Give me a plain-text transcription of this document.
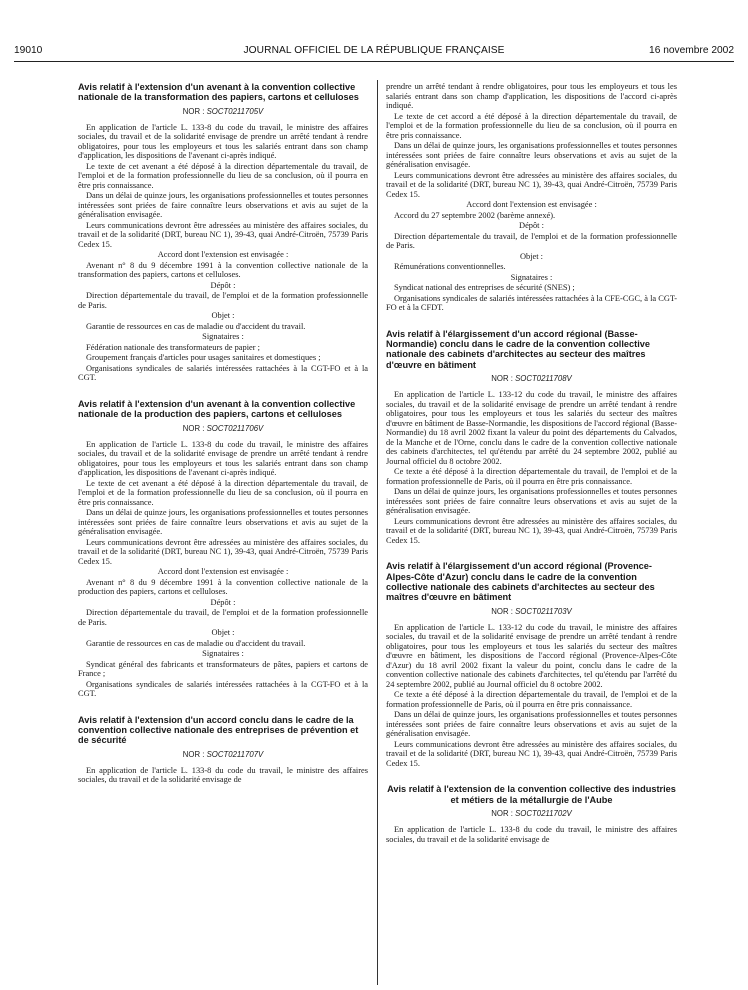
19010	JOURNAL OFFICIEL DE LA RÉPUBLIQUE FRANÇAISE	16 novembre 2002

Avis relatif à l'extension d'un avenant à la convention collective nationale de la transformation des papiers, cartons et celluloses

NOR : SOCT0211705V

En application de l'article L. 133-8 du code du travail, le ministre des affaires sociales, du travail et de la solidarité envisage de prendre un arrêté tendant à rendre obligatoires, pour tous les employeurs et tous les salariés entrant dans son champ d'application, les dispositions de l'avenant ci-après indiqué.

Le texte de cet avenant a été déposé à la direction départementale du travail, de l'emploi et de la formation professionnelle du lieu de sa conclusion, où il pourra en être pris connaissance.

Dans un délai de quinze jours, les organisations professionnelles et toutes personnes intéressées sont priées de faire connaître leurs observations et avis au sujet de la généralisation envisagée.

Leurs communications devront être adressées au ministère des affaires sociales, du travail et de la solidarité (DRT, bureau NC 1), 39-43, quai André-Citroën, 75739 Paris Cedex 15.

Accord dont l'extension est envisagée :

Avenant n° 8 du 9 décembre 1991 à la convention collective nationale de la transformation des papiers, cartons et celluloses.

Dépôt :

Direction départementale du travail, de l'emploi et de la formation professionnelle de Paris.

Objet :

Garantie de ressources en cas de maladie ou d'accident du travail.

Signataires :

Fédération nationale des transformateurs de papier ;

Groupement français d'articles pour usages sanitaires et domestiques ;

Organisations syndicales de salariés intéressées rattachées à la CGT-FO et à la CGT.

Avis relatif à l'extension d'un avenant à la convention collective nationale de la production des papiers, cartons et celluloses

NOR : SOCT0211706V

En application de l'article L. 133-8 du code du travail, le ministre des affaires sociales, du travail et de la solidarité envisage de prendre un arrêté tendant à rendre obligatoires, pour tous les employeurs et tous les salariés entrant dans son champ d'application, les dispositions de l'avenant ci-après indiqué.

Le texte de cet avenant a été déposé à la direction départementale du travail, de l'emploi et de la formation professionnelle du lieu de sa conclusion, où il pourra en être pris connaissance.

Dans un délai de quinze jours, les organisations professionnelles et toutes personnes intéressées sont priées de faire connaître leurs observations et avis au sujet de la généralisation envisagée.

Leurs communications devront être adressées au ministère des affaires sociales, du travail et de la solidarité (DRT, bureau NC 1), 39-43, quai André-Citroën, 75739 Paris Cedex 15.

Accord dont l'extension est envisagée :

Avenant n° 8 du 9 décembre 1991 à la convention collective nationale de la production des papiers, cartons et celluloses.

Dépôt :

Direction départementale du travail, de l'emploi et de la formation professionnelle de Paris.

Objet :

Garantie de ressources en cas de maladie ou d'accident du travail.

Signataires :

Syndicat général des fabricants et transformateurs de pâtes, papiers et cartons de France ;

Organisations syndicales de salariés intéressées rattachées à la CGT-FO et à la CGT.

Avis relatif à l'extension d'un accord conclu dans le cadre de la convention collective nationale des entreprises de prévention et de sécurité

NOR : SOCT0211707V

En application de l'article L. 133-8 du code du travail, le ministre des affaires sociales, du travail et de la solidarité envisage de

prendre un arrêté tendant à rendre obligatoires, pour tous les employeurs et tous les salariés entrant dans son champ d'application, les dispositions de l'accord ci-après indiqué.

Le texte de cet accord a été déposé à la direction départementale du travail, de l'emploi et de la formation professionnelle du lieu de sa conclusion, où il pourra en être pris connaissance.

Dans un délai de quinze jours, les organisations professionnelles et toutes personnes intéressées sont priées de faire connaître leurs observations et avis au sujet de la généralisation envisagée.

Leurs communications devront être adressées au ministère des affaires sociales, du travail et de la solidarité (DRT, bureau NC 1), 39-43, quai André-Citroën, 75739 Paris Cedex 15.

Accord dont l'extension est envisagée :

Accord du 27 septembre 2002 (barème annexé).

Dépôt :

Direction départementale du travail, de l'emploi et de la formation professionnelle de Paris.

Objet :

Rémunérations conventionnelles.

Signataires :

Syndicat national des entreprises de sécurité (SNES) ;

Organisations syndicales de salariés intéressées rattachées à la CFE-CGC, à la CGT-FO et à la CFDT.

Avis relatif à l'élargissement d'un accord régional (Basse-Normandie) conclu dans le cadre de la convention collective nationale des cabinets d'architectes au secteur des maîtres d'œuvre en bâtiment

NOR : SOCT0211708V

En application de l'article L. 133-12 du code du travail, le ministre des affaires sociales, du travail et de la solidarité envisage de prendre un arrêté tendant à rendre obligatoires, pour tous les employeurs et tous les salariés du secteur des maîtres d'œuvre en bâtiment de Basse-Normandie, les dispositions de l'accord régional (Basse-Normandie) du 18 avril 2002 fixant la valeur du point des départements du Calvados, de la Manche et de l'Orne, conclu dans le cadre de la convention collective nationale des cabinets d'architectes, tel qu'étendu par arrêté du 24 septembre 2002, publié au Journal officiel du 8 octobre 2002.

Ce texte a été déposé à la direction départementale du travail, de l'emploi et de la formation professionnelle de Paris, où il pourra en être pris connaissance.

Dans un délai de quinze jours, les organisations professionnelles et toutes personnes intéressées sont priées de faire connaître leurs observations et avis au sujet de la généralisation envisagée.

Leurs communications devront être adressées au ministère des affaires sociales, du travail et de la solidarité (DRT, bureau NC 1), 39-43, quai André-Citroën, 75739 Paris Cedex 15.

Avis relatif à l'élargissement d'un accord régional (Provence-Alpes-Côte d'Azur) conclu dans le cadre de la convention collective nationale des cabinets d'architectes au secteur des maîtres d'œuvre en bâtiment

NOR : SOCT0211703V

En application de l'article L. 133-12 du code du travail, le ministre des affaires sociales, du travail et de la solidarité envisage de prendre un arrêté tendant à rendre obligatoires, pour tous les employeurs et tous les salariés du secteur des maîtres d'œuvre en bâtiment, les dispositions de l'accord régional (Provence-Alpes-Côte d'Azur) du 18 avril 2002 fixant la valeur du point, conclu dans le cadre de la convention collective nationale des cabinets d'architectes, tel qu'étendu par l'arrêté du 24 septembre 2002, publié au Journal officiel du 8 octobre 2002.

Ce texte a été déposé à la direction départementale du travail, de l'emploi et de la formation professionnelle de Paris, où il pourra en être pris connaissance.

Dans un délai de quinze jours, les organisations professionnelles et toutes personnes intéressées sont priées de faire connaître leurs observations et avis au sujet de la généralisation envisagée.

Leurs communications devront être adressées au ministère des affaires sociales, du travail et de la solidarité (DRT, bureau NC 1), 39-43, quai André-Citroën, 75739 Paris Cedex 15.

Avis relatif à l'extension de la convention collective des industries et métiers de la métallurgie de l'Aube

NOR : SOCT0211702V

En application de l'article L. 133-8 du code du travail, le ministre des affaires sociales, du travail et de la solidarité envisage de
